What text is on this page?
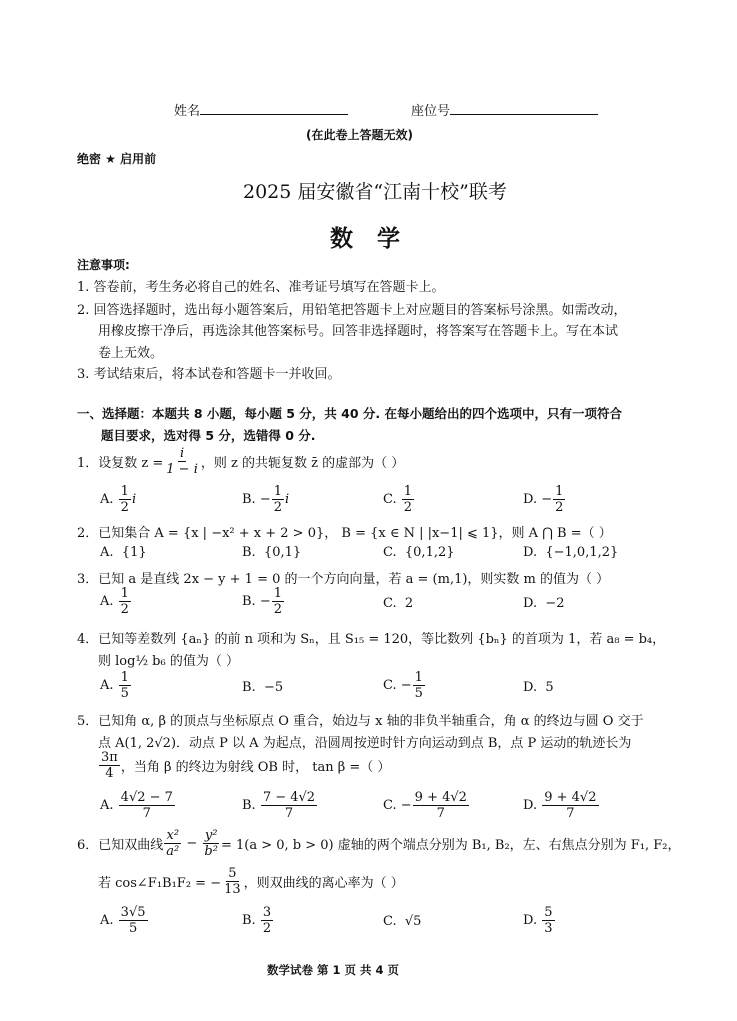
姓名	座位号
(在此卷上答题无效)
绝密 ★ 启用前
2025 届安徽省“江南十校”联考
数学
注意事项:
1. 答卷前，考生务必将自己的姓名、准考证号填写在答题卡上。
2. 回答选择题时，选出每小题答案后，用铅笔把答题卡上对应题目的答案标号涂黑。如需改动，
用橡皮擦干净后，再选涂其他答案标号。回答非选择题时，将答案写在答题卡上。写在本试
卷上无效。
3. 考试结束后，将本试卷和答题卡一并收回。
一、选择题：本题共 8 小题，每小题 5 分，共 40 分. 在每小题给出的四个选项中，只有一项符合
题目要求，选对得 5 分，选错得 0 分.
1．设复数 $z = \frac{i}{1 - i}$ ，则 z 的共轭复数 z̄ 的虚部为（ ）
A.
$\frac{1}{2}$ i	B.
− $\frac{1}{2}$ i	C.
$\frac{1}{2}$	D.
− $\frac{1}{2}$
2．已知集合 A = {x | −x² + x + 2 > 0}， B = {x ∈ N | |x−1| ⩽ 1}，则 A ⋂ B =（ ）
A. {1}	B. {0,1}	C. {0,1,2}	D. {−1,0,1,2}
3．已知 a 是直线 2x − y + 1 = 0 的一个方向向量，若 a = (m,1)，则实数 m 的值为（ ）
A.
$\frac{1}{2}$	B.
− $\frac{1}{2}$	C. 2	D. −2
4．已知等差数列 {aₙ} 的前 n 项和为 Sₙ，且 S₁₅ = 120，等比数列 {bₙ} 的首项为 1，若 a₈ = b₄，
则 log½ b₆ 的值为（ ）
A.
$\frac{1}{5}$	B. −5	C.
− $\frac{1}{5}$	D. 5
5．已知角 α, β 的顶点与坐标原点 O 重合，始边与 x 轴的非负半轴重合，角 α 的终边与圆 O 交于
点 A(1, 2√2)．动点 P 以 A 为起点，沿圆周按逆时针方向运动到点 B，点 P 运动的轨迹长为
$\frac{3\pi}{4}$ ，当角 β 的终边为射线 OB 时， tan β =（ ）
A.
$\frac{4√2 - 7}{7}$	B.
$\frac{7 - 4√2}{7}$	C.
− $\frac{9 + 4√2}{7}$	D.
$\frac{9 + 4√2}{7}$
6．已知双曲线 $\frac{\text{x²}}{\text{a²}} - \frac{\text{y²}}{\text{b²}} = 1(a > 0$, b > 0) 虚轴的两个端点分别为 B₁, B₂，左、右焦点分别为 F₁, F₂，
若 cos∠F₁B₁F₂ = − $\frac{5}{13}$ ，则双曲线的离心率为（ ）
A.
$\frac{3√5}{5}$	B.
$\frac{3}{2}$	C. √5	D.
$\frac{5}{3}$
数学试卷 第 1 页 共 4 页
